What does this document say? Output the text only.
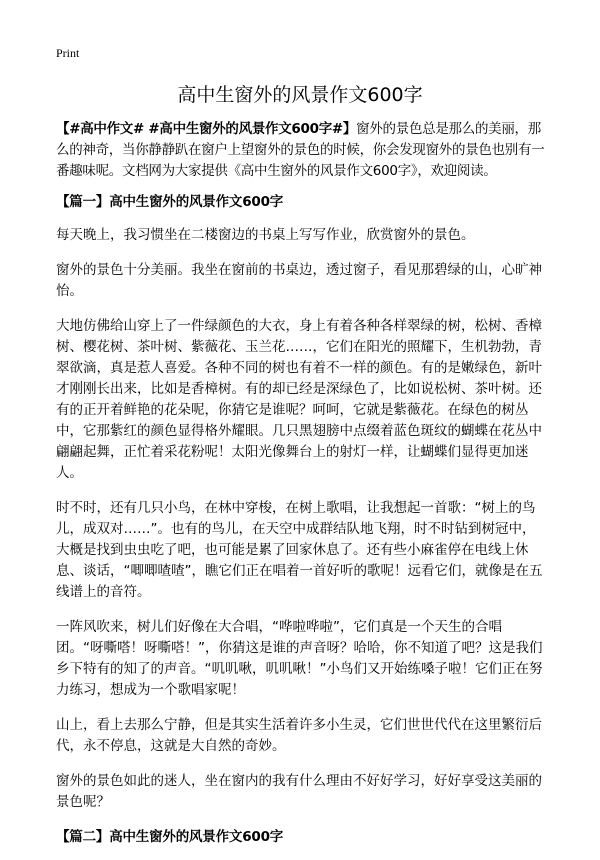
Print
高中生窗外的风景作文600字

【#高中作文# #高中生窗外的风景作文600字#】窗外的景色总是那么的美丽，那么的神奇，当你静静趴在窗户上望窗外的景色的时候，你会发现窗外的景色也别有一番趣味呢。文档网为大家提供《高中生窗外的风景作文600字》，欢迎阅读。

【篇一】高中生窗外的风景作文600字

每天晚上，我习惯坐在二楼窗边的书桌上写写作业，欣赏窗外的景色。

窗外的景色十分美丽。我坐在窗前的书桌边，透过窗子，看见那碧绿的山，心旷神怡。

大地仿佛给山穿上了一件绿颜色的大衣，身上有着各种各样翠绿的树，松树、香樟树、樱花树、茶叶树、紫薇花、玉兰花……，它们在阳光的照耀下，生机勃勃，青翠欲滴，真是惹人喜爱。各种不同的树也有着不一样的颜色。有的是嫩绿色，新叶才刚刚长出来，比如是香樟树。有的却已经是深绿色了，比如说松树、茶叶树。还有的正开着鲜艳的花朵呢，你猜它是谁呢？呵呵，它就是紫薇花。在绿色的树丛中，它那紫红的颜色显得格外耀眼。几只黑翅膀中点缀着蓝色斑纹的蝴蝶在花丛中翩翩起舞，正忙着采花粉呢！太阳光像舞台上的射灯一样，让蝴蝶们显得更加迷人。

时不时，还有几只小鸟，在林中穿梭，在树上歌唱，让我想起一首歌：“树上的鸟儿，成双对……”。也有的鸟儿，在天空中成群结队地飞翔，时不时钻到树冠中，大概是找到虫虫吃了吧，也可能是累了回家休息了。还有些小麻雀停在电线上休息、谈话，“唧唧喳喳”，瞧它们正在唱着一首好听的歌呢！远看它们，就像是在五线谱上的音符。

一阵风吹来，树儿们好像在大合唱，“哗啦哗啦”，它们真是一个天生的合唱团。“呀嘶嗒！呀嘶嗒！”，你猜这是谁的声音呀？哈哈，你不知道了吧？这是我们乡下特有的知了的声音。“叽叽啾，叽叽啾！”小鸟们又开始练嗓子啦！它们正在努力练习，想成为一个歌唱家呢！

山上，看上去那么宁静，但是其实生活着许多小生灵，它们世世代代在这里繁衍后代，永不停息，这就是大自然的奇妙。

窗外的景色如此的迷人，坐在窗内的我有什么理由不好好学习，好好享受这美丽的景色呢？

【篇二】高中生窗外的风景作文600字
